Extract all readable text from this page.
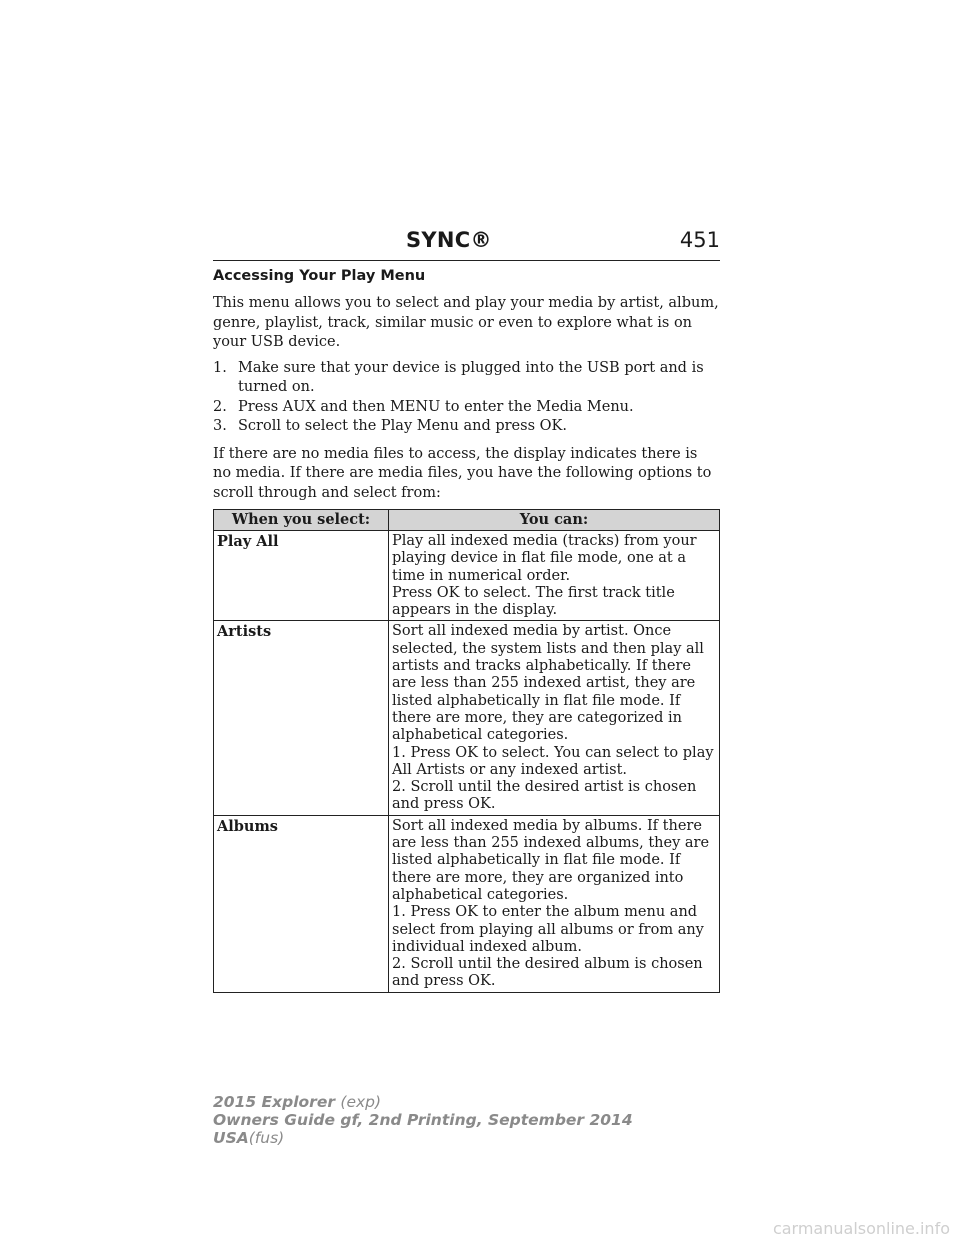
SYNC®	451
Accessing Your Play Menu

This menu allows you to select and play your media by artist, album, genre, playlist, track, similar music or even to explore what is on your USB device.

1. Make sure that your device is plugged into the USB port and is turned on.
2. Press AUX and then MENU to enter the Media Menu.
3. Scroll to select the Play Menu and press OK.

If there are no media files to access, the display indicates there is no media. If there are media files, you have the following options to scroll through and select from:

When you select:	You can:
Play All	Play all indexed media (tracks) from your playing device in flat file mode, one at a time in numerical order.
Press OK to select. The first track title appears in the display.

Artists	Sort all indexed media by artist. Once selected, the system lists and then play all artists and tracks alphabetically. If there are less than 255 indexed artist, they are listed alphabetically in flat file mode. If there are more, they are categorized in alphabetical categories.
1. Press OK to select. You can select to play All Artists or any indexed artist.
2. Scroll until the desired artist is chosen and press OK.

Albums	Sort all indexed media by albums. If there are less than 255 indexed albums, they are listed alphabetically in flat file mode. If there are more, they are organized into alphabetical categories.
1. Press OK to enter the album menu and select from playing all albums or from any individual indexed album.
2. Scroll until the desired album is chosen and press OK.
2015 Explorer (exp)
Owners Guide gf, 2nd Printing, September 2014
USA(fus)
carmanualsonline.info
